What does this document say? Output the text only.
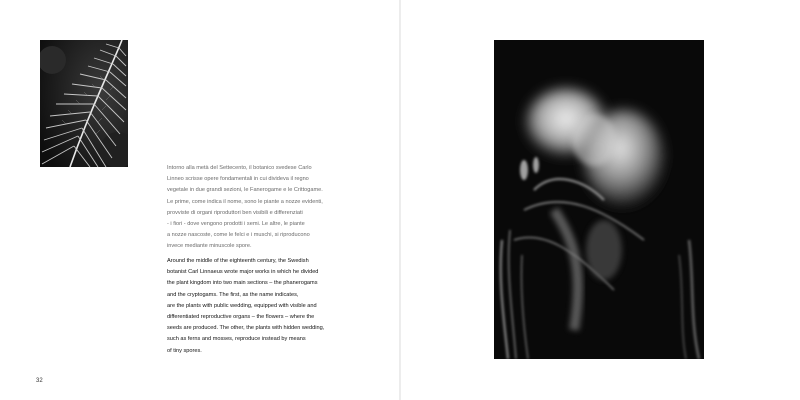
Intorno alla metà del Settecento, il botanico svedese Carlo
Linneo scrisse opere fondamentali in cui divideva il regno
vegetale in due grandi sezioni, le Fanerogame e le Crittogame.
Le prime, come indica il nome, sono le piante a nozze evidenti,
provviste di organi riproduttori ben visibili e differenziati
- i fiori - dove vengono prodotti i semi. Le altre, le piante
a nozze nascoste, come le felci e i muschi, si riproducono
invece mediante minuscole spore.

Around the middle of the eighteenth century, the Swedish
botanist Carl Linnaeus wrote major works in which he divided
the plant kingdom into two main sections – the phanerogams
and the cryptogams. The first, as the name indicates,
are the plants with public wedding, equipped with visible and
differentiated reproductive organs – the flowers – where the
seeds are produced. The other, the plants with hidden wedding,
such as ferns and mosses, reproduce instead by means
of tiny spores.

32
